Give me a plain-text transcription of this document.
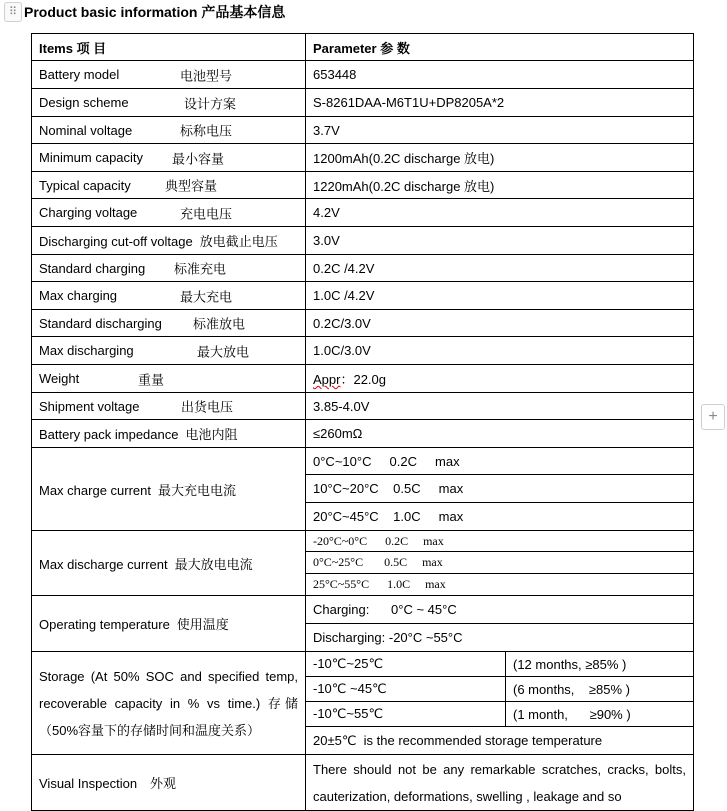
⠿ Product basic information 产品基本信息
+
Items 项 目	Parameter 参 数	
Battery model 电池型号	653448	
Design scheme 设计方案	S-8261DAA-M6T1U+DP8205A*2	
Nominal voltage 标称电压	3.7V	
Minimum capacity 最小容量	1200mAh(0.2C discharge 放电)	
Typical capacity 典型容量	1220mAh(0.2C discharge 放电)	
Charging voltage 充电电压	4.2V	
Discharging cut-off voltage 放电截止电压	3.0V	
Standard charging 标准充电	0.2C /4.2V	
Max charging 最大充电	1.0C /4.2V	
Standard discharging 标准放电	0.2C/3.0V	
Max discharging 最大放电	1.0C/3.0V	
Weight 重量	Appr：22.0g	
Shipment voltage 出货电压	3.85-4.0V	
Battery pack impedance 电池内阻	≤260mΩ	
Max charge current 最大充电电流	0°C~10°C     0.2C     max	
	10°C~20°C    0.5C     max	
	20°C~45°C    1.0C     max	
Max discharge current 最大放电电流	-20°C~0°C      0.2C     max	
	0°C~25°C       0.5C     max	
	25°C~55°C      1.0C     max	
Operating temperature 使用温度	Charging:      0°C ~ 45°C	
	Discharging: -20°C ~55°C	
Storage (At 50% SOC and specified temp, recoverable capacity in % vs time.) 存储（50%容量下的存储时间和温度关系）	-10℃~25℃	(12 months, ≥85% )
	-10℃ ~45℃	(6 months,    ≥85% )
	-10℃~55℃	(1 month,      ≥90% )
	20±5℃  is the recommended storage temperature	
Visual Inspection 外观	There should not be any remarkable scratches, cracks, bolts, cauterization, deformations, swelling , leakage and so	
